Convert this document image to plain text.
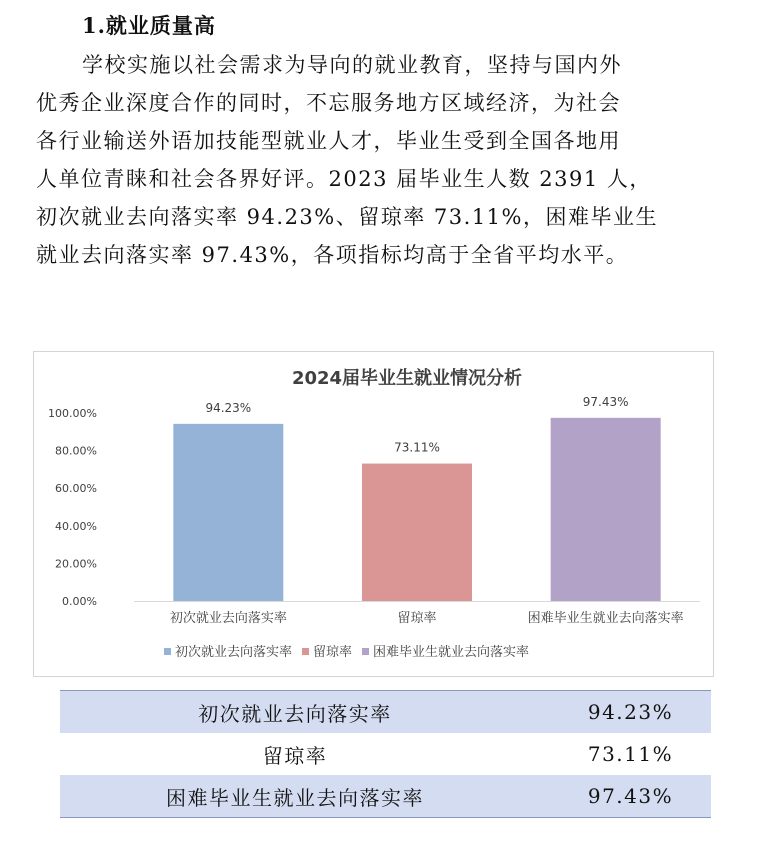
1.就业质量高
学校实施以社会需求为导向的就业教育，坚持与国内外
优秀企业深度合作的同时，不忘服务地方区域经济，为社会
各行业输送外语加技能型就业人才，毕业生受到全国各地用
人单位青睐和社会各界好评。2023 届毕业生人数 2391 人，
初次就业去向落实率 94.23%、留琼率 73.11%，困难毕业生
就业去向落实率 97.43%，各项指标均高于全省平均水平。
2024届毕业生就业情况分析
0.00%
20.00%
40.00%
60.00%
80.00%
100.00%	94.23%
初次就业去向落实率
73.11%
留琼率
97.43%
困难毕业生就业去向落实率
初次就业去向落实率 留琼率 困难毕业生就业去向落实率
初次就业去向落实率	94.23%
留琼率	73.11%
困难毕业生就业去向落实率	97.43%
